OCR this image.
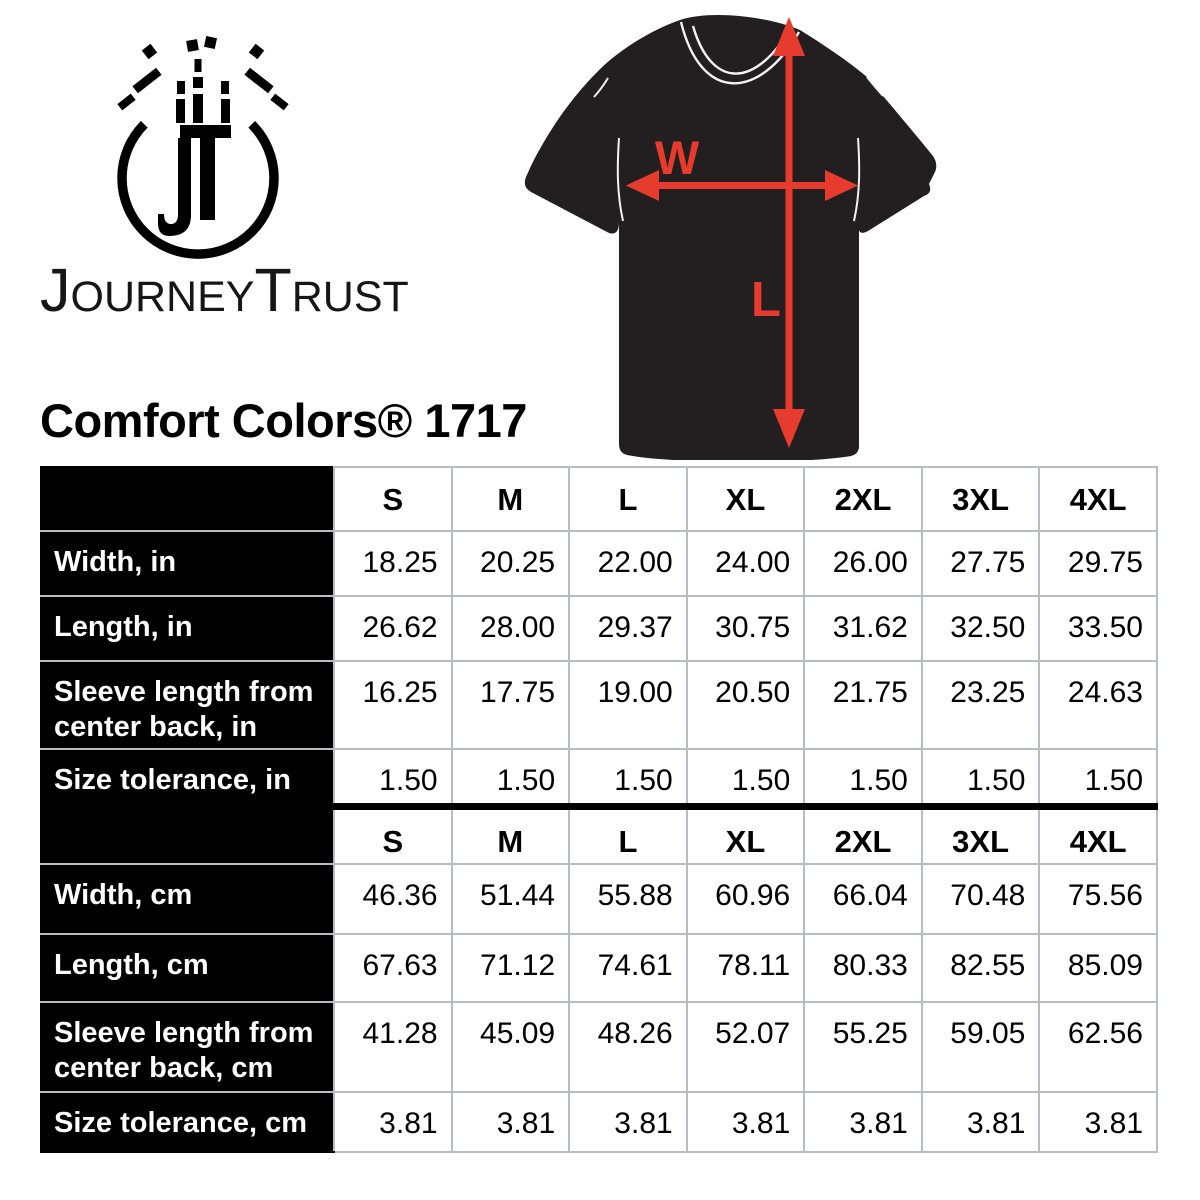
JourneyTrust
Comfort Colors® 1717
W
L
	S	M	L	XL	2XL	3XL	4XL
Width, in	18.25	20.25	22.00	24.00	26.00	27.75	29.75
Length, in	26.62	28.00	29.37	30.75	31.62	32.50	33.50
Sleeve length from center back, in	16.25	17.75	19.00	20.50	21.75	23.25	24.63
Size tolerance, in	1.50	1.50	1.50	1.50	1.50	1.50	1.50
	S	M	L	XL	2XL	3XL	4XL
Width, cm	46.36	51.44	55.88	60.96	66.04	70.48	75.56
Length, cm	67.63	71.12	74.61	78.11	80.33	82.55	85.09
Sleeve length from center back, cm	41.28	45.09	48.26	52.07	55.25	59.05	62.56
Size tolerance, cm	3.81	3.81	3.81	3.81	3.81	3.81	3.81
